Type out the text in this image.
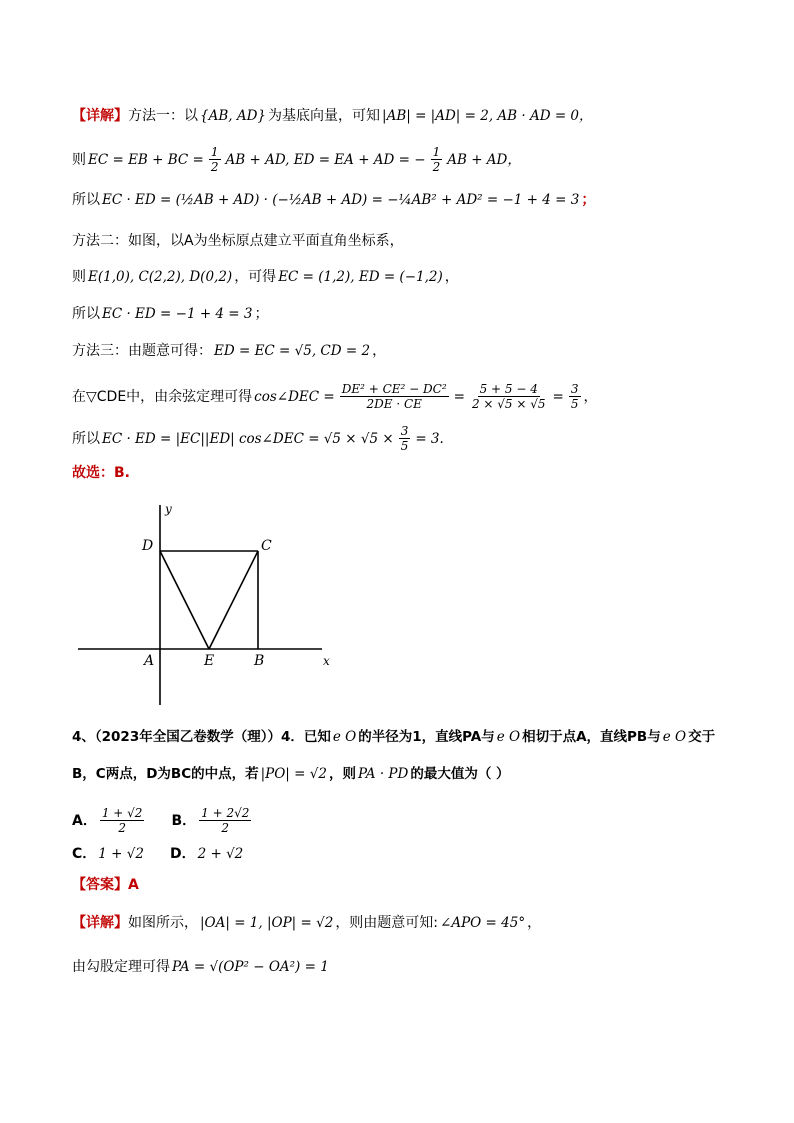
【详解】 方法一：以 {AB, AD} 为基底向量，可知 |AB| = |AD| = 2, AB · AD = 0，
则 EC = EB + BC = $\frac{1}{2}$ AB + AD, ED = EA + AD = − $\frac{1}{2}$ AB + AD，
所以 EC · ED = (½AB + AD) · (−½AB + AD) = −¼AB² + AD² = −1 + 4 = 3 ；
方法二：如图，以A为坐标原点建立平面直角坐标系，
则 E(1,0), C(2,2), D(0,2) ，可得 EC = (1,2), ED = (−1,2) ，
所以 EC · ED = −1 + 4 = 3 ；
方法三：由题意可得： ED = EC = √5, CD = 2 ，
在▽CDE中，由余弦定理可得 cos∠DEC = $\frac{\text{DE² + CE² − DC²}}{2DE \cdot CE} = \frac{5 + 5 - 4}{2 \times √5 \times √5} = \frac{3}{5}$ ，
所以 EC · ED = |EC||ED| cos∠DEC = $√5 \times √5 \times \frac{3}{5} = 3$.
故选：B.
y
x
D	C
A	E	B
4、（2023年全国乙卷数学（理））4．已知 e O 的半径为1，直线PA与 e O 相切于点A，直线PB与 e O 交于
B，C两点，D为BC的中点，若 |PO| = √2 ，则 PA · PD 的最大值为（ ）
A． $\frac{1 + √2}{2}$ B． $\frac{1 + 2√2}{2}$
C． 1 + √2 D． 2 + √2
【答案】 A
【详解】 如图所示， |OA| = 1, |OP| = √2 ，则由题意可知: ∠APO = 45° ，
由勾股定理可得 PA = √(OP² − OA²) = 1
